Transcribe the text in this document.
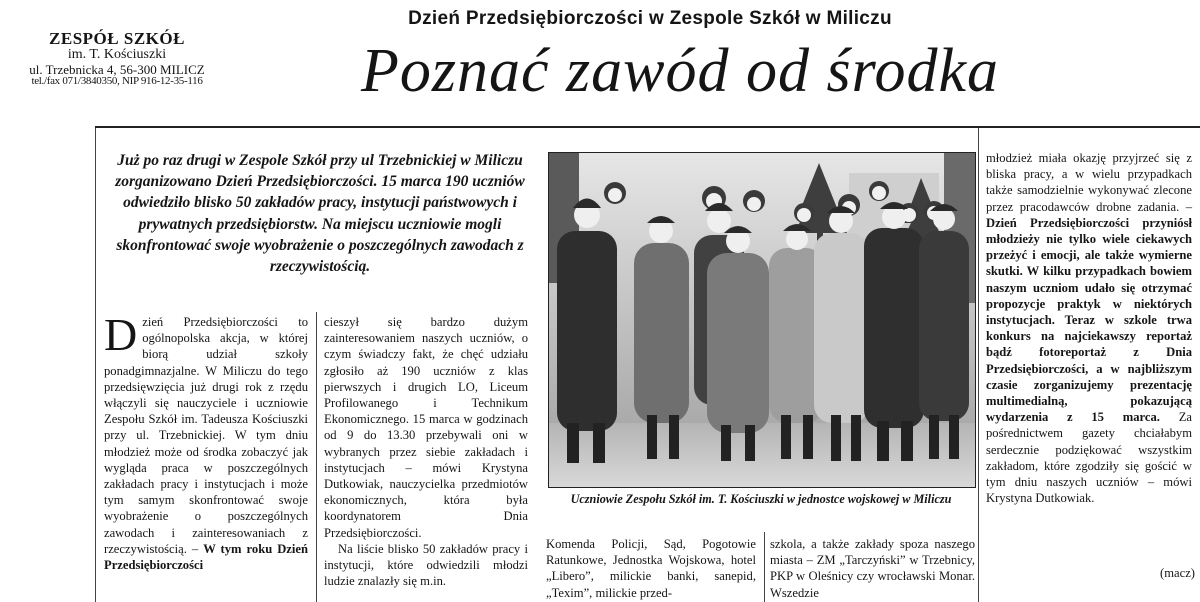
ZESPÓŁ SZKÓŁ
im. T. Kościuszki
ul. Trzebnicka 4, 56-300 MILICZ
tel./fax 071/3840350, NIP 916-12-35-116
Dzień Przedsiębiorczości w Zespole Szkół w Miliczu
Poznać zawód od środka
Już po raz drugi w Zespole Szkół przy ul Trzebnickiej w Miliczu zorganizowano Dzień Przedsiębiorczości. 15 marca 190 uczniów odwiedziło blisko 50 zakładów pracy, instytucji państwowych i prywatnych przedsiębiorstw. Na miejscu uczniowie mogli skonfrontować swoje wyobrażenie o poszczególnych zawodach z rzeczywistością.

D zień Przedsiębiorczości to ogólnopolska akcja, w której biorą udział szkoły ponadgimnazjalne. W Miliczu do tego przedsięwzięcia już drugi rok z rzędu włączyli się nauczyciele i uczniowie Zespołu Szkół im. Tadeusza Kościuszki przy ul. Trzebnickiej. W tym dniu młodzież może od środka zobaczyć jak wygląda praca w poszczególnych zakładach pracy i instytucjach i może tym samym skonfrontować swoje wyobrażenie o poszczególnych zawodach i zainteresowaniach z rzeczywistością. – W tym roku Dzień Przedsiębiorczości

cieszył się bardzo dużym zainteresowaniem naszych uczniów, o czym świadczy fakt, że chęć udziału zgłosiło aż 190 uczniów z klas pierwszych i drugich LO, Liceum Profilowanego i Technikum Ekonomicznego. 15 marca w godzinach od 9 do 13.30 przebywali oni w wybranych przez siebie zakładach i instytucjach – mówi Krystyna Dutkowiak, nauczycielka przedmiotów ekonomicznych, która była koordynatorem Dnia Przedsiębiorczości.

Na liście blisko 50 zakładów pracy i instytucji, które odwiedzili młodzi ludzie znalazły się m.in.

Uczniowie Zespołu Szkół im. T. Kościuszki w jednostce wojskowej w Miliczu

Komenda Policji, Sąd, Pogotowie Ratunkowe, Jednostka Wojskowa, hotel „Libero”, milickie banki, sanepid, „Texim”, milickie przed-

szkola, a także zakłady spoza naszego miasta – ZM „Tarczyński” w Trzebnicy, PKP w Oleśnicy czy wrocławski Monar. Wszedzie

młodzież miała okazję przyjrzeć się z bliska pracy, a w wielu przypadkach także samodzielnie wykonywać zlecone przez pracodawców drobne zadania. – Dzień Przedsiębiorczości przyniósł młodzieży nie tylko wiele ciekawych przeżyć i emocji, ale także wymierne skutki. W kilku przypadkach bowiem naszym uczniom udało się otrzymać propozycje praktyk w niektórych instytucjach. Teraz w szkole trwa konkurs na najciekawszy reportaż bądź fotoreportaż z Dnia Przedsiębiorczości, a w najbliższym czasie zorganizujemy prezentację multimedialną, pokazującą wydarzenia z 15 marca. Za pośrednictwem gazety chciałabym serdecznie podziękować wszystkim zakładom, które zgodziły się gościć w tym dniu naszych uczniów – mówi Krystyna Dutkowiak.

(macz)
